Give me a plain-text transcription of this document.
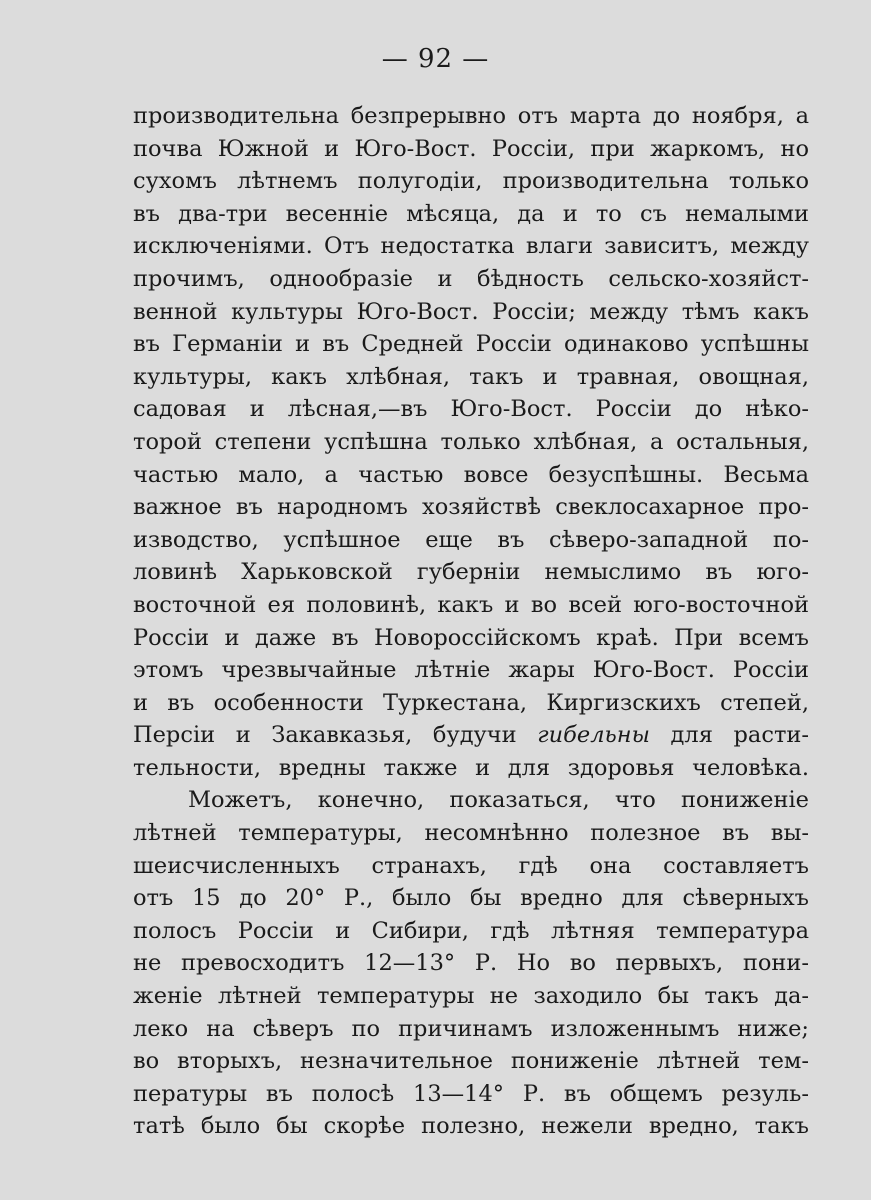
— 92 —
производительна безпрерывно отъ марта до ноября, а
почва Южной и Юго-Вост. Россіи, при жаркомъ, но
сухомъ лѣтнемъ полугодіи, производительна только
въ два-три весенніе мѣсяца, да и то съ немалыми
исключеніями. Отъ недостатка влаги зависитъ, между
прочимъ, однообразіе и бѣдность сельско-хозяйст-
венной культуры Юго-Вост. Россіи; между тѣмъ какъ
въ Германіи и въ Средней Россіи одинаково успѣшны
культуры, какъ хлѣбная, такъ и травная, овощная,
садовая и лѣсная,—въ Юго-Вост. Россіи до нѣко-
торой степени успѣшна только хлѣбная, а остальныя,
частью мало, а частью вовсе безуспѣшны. Весьма
важное въ народномъ хозяйствѣ свеклосахарное про-
изводство, успѣшное еще въ сѣверо-западной по-
ловинѣ Харьковской губерніи немыслимо въ юго-
восточной ея половинѣ, какъ и во всей юго-восточной
Россіи и даже въ Новороссійскомъ краѣ. При всемъ
этомъ чрезвычайные лѣтніе жары Юго-Вост. Россіи
и въ особенности Туркестана, Киргизскихъ степей,
Персіи и Закавказья, будучи гибельны для расти-
тельности, вредны также и для здоровья человѣка.
Можетъ, конечно, показаться, что пониженіе
лѣтней температуры, несомнѣнно полезное въ вы-
шеисчисленныхъ странахъ, гдѣ она составляетъ
отъ 15 до 20° Р., было бы вредно для сѣверныхъ
полосъ Россіи и Сибири, гдѣ лѣтняя температура
не превосходитъ 12—13° Р. Но во первыхъ, пони-
женіе лѣтней температуры не заходило бы такъ да-
леко на сѣверъ по причинамъ изложеннымъ ниже;
во вторыхъ, незначительное пониженіе лѣтней тем-
пературы въ полосѣ 13—14° Р. въ общемъ резуль-
татѣ было бы скорѣе полезно, нежели вредно, такъ
